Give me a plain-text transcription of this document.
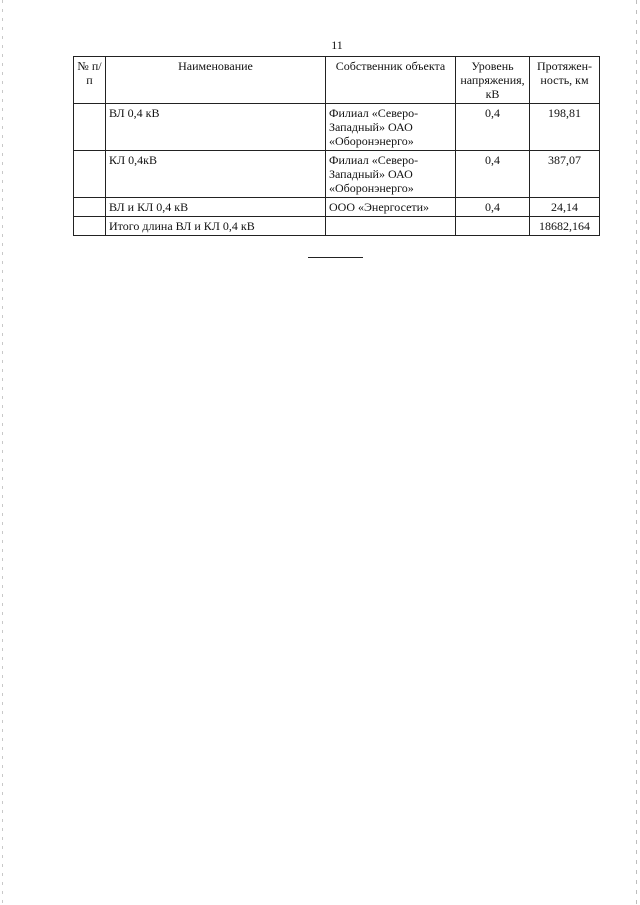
11
№ п/п	Наименование	Собственник объекта	Уровень напряжения, кВ	Протяжен-ность, км
	ВЛ 0,4 кВ	Филиал «Северо-Западный» ОАО «Оборонэнерго»	0,4	198,81
	КЛ 0,4кВ	Филиал «Северо-Западный» ОАО «Оборонэнерго»	0,4	387,07
	ВЛ и КЛ 0,4 кВ	ООО «Энергосети»	0,4	24,14
	Итого длина ВЛ и КЛ 0,4 кВ			18682,164
